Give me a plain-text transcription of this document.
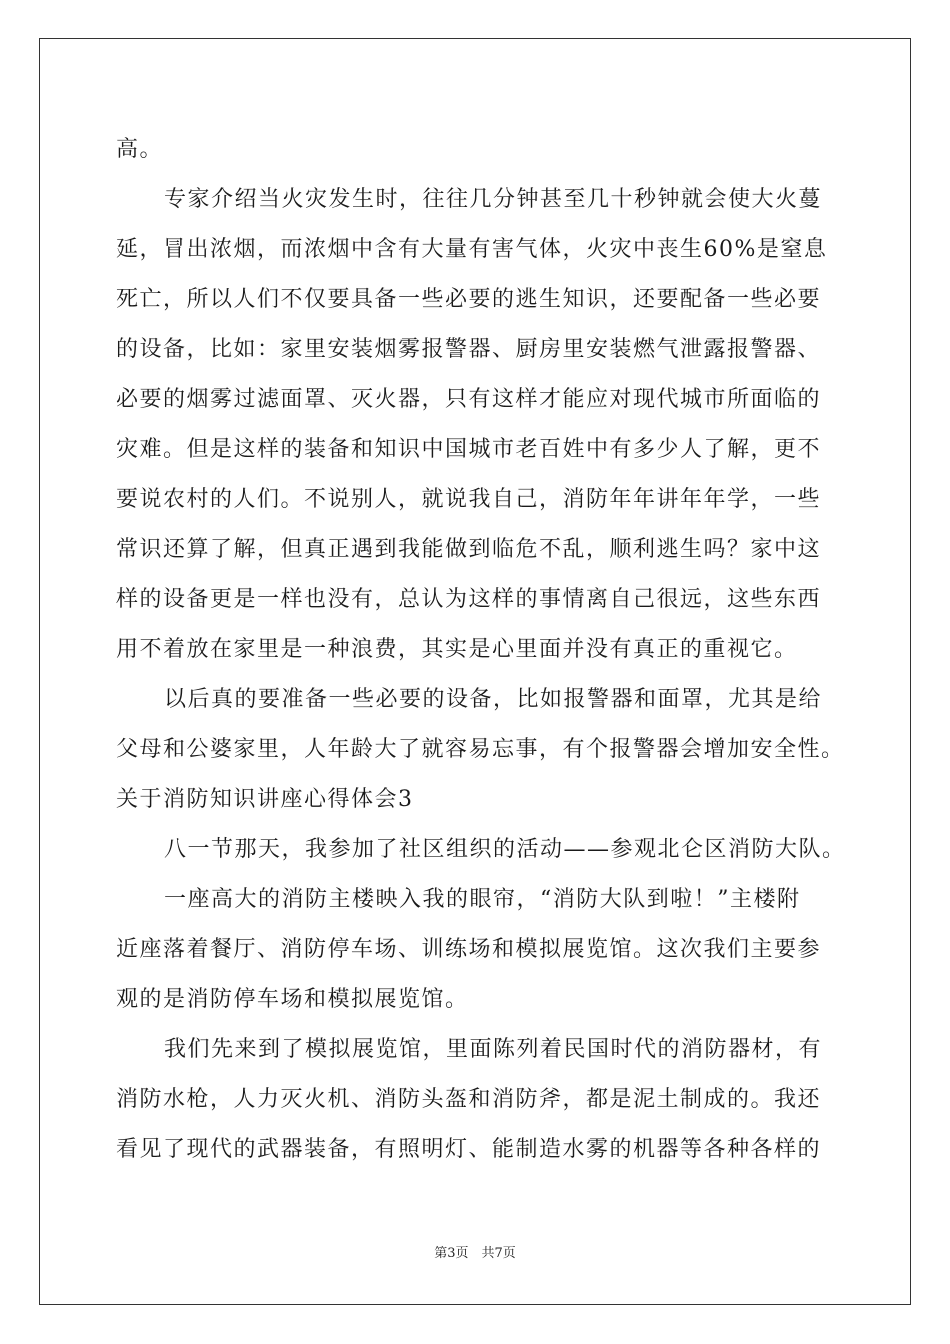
高。
专家介绍当火灾发生时，往往几分钟甚至几十秒钟就会使大火蔓
延，冒出浓烟，而浓烟中含有大量有害气体，火灾中丧生60%是窒息
死亡，所以人们不仅要具备一些必要的逃生知识，还要配备一些必要
的设备，比如：家里安装烟雾报警器、厨房里安装燃气泄露报警器、
必要的烟雾过滤面罩、灭火器，只有这样才能应对现代城市所面临的
灾难。但是这样的装备和知识中国城市老百姓中有多少人了解，更不
要说农村的人们。不说别人，就说我自己，消防年年讲年年学，一些
常识还算了解，但真正遇到我能做到临危不乱，顺利逃生吗？家中这
样的设备更是一样也没有，总认为这样的事情离自己很远，这些东西
用不着放在家里是一种浪费，其实是心里面并没有真正的重视它。
以后真的要准备一些必要的设备，比如报警器和面罩，尤其是给
父母和公婆家里，人年龄大了就容易忘事，有个报警器会增加安全性。
关于消防知识讲座心得体会3
八一节那天，我参加了社区组织的活动——参观北仑区消防大队。
一座高大的消防主楼映入我的眼帘，“消防大队到啦！”主楼附
近座落着餐厅、消防停车场、训练场和模拟展览馆。这次我们主要参
观的是消防停车场和模拟展览馆。
我们先来到了模拟展览馆，里面陈列着民国时代的消防器材，有
消防水枪，人力灭火机、消防头盔和消防斧，都是泥土制成的。我还
看见了现代的武器装备，有照明灯、能制造水雾的机器等各种各样的
第3页　共7页
